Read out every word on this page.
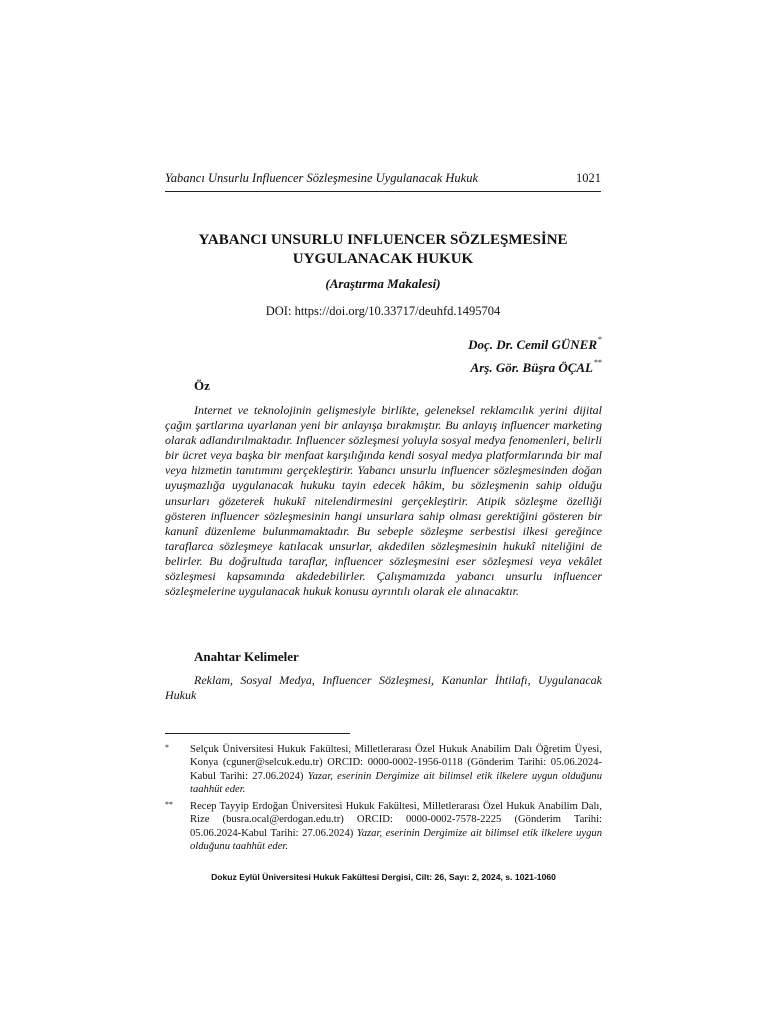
Yabancı Unsurlu Influencer Sözleşmesine Uygulanacak Hukuk	1021
YABANCI UNSURLU INFLUENCER SÖZLEŞMESİNE
UYGULANACAK HUKUK
(Araştırma Makalesi)
DOI: https://doi.org/10.33717/deuhfd.1495704
Doç. Dr. Cemil GÜNER*
Arş. Gör. Büşra ÖÇAL**
Öz

Internet ve teknolojinin gelişmesiyle birlikte, geleneksel reklamcılık yerini dijital çağın şartlarına uyarlanan yeni bir anlayışa bırakmıştır. Bu anlayış influencer marketing olarak adlandırılmaktadır. Influencer sözleşmesi yoluyla sosyal medya fenomenleri, belirli bir ücret veya başka bir menfaat karşılığında kendi sosyal medya platformlarında bir mal veya hizmetin tanıtımını gerçekleştirir. Yabancı unsurlu influencer sözleşmesinden doğan uyuşmazlığa uygulanacak hukuku tayin edecek hâkim, bu sözleşmenin sahip olduğu unsurları gözeterek hukukî nitelendirmesini gerçekleştirir. Atipik sözleşme özelliği gösteren influencer sözleşmesinin hangi unsurlara sahip olması gerektiğini gösteren bir kanunî düzenleme bulunmamaktadır. Bu sebeple sözleşme serbestisi ilkesi gereğince taraflarca sözleşmeye katılacak unsurlar, akdedilen sözleşmesinin hukukî niteliğini de belirler. Bu doğrultuda taraflar, influencer sözleşmesini eser sözleşmesi veya vekâlet sözleşmesi kapsamında akdedebilirler. Çalışmamızda yabancı unsurlu influencer sözleşmelerine uygulanacak hukuk konusu ayrıntılı olarak ele alınacaktır.

Anahtar Kelimeler

Reklam, Sosyal Medya, Influencer Sözleşmesi, Kanunlar İhtilafı, Uygulanacak Hukuk

* Selçuk Üniversitesi Hukuk Fakültesi, Milletlerarası Özel Hukuk Anabilim Dalı Öğretim Üyesi, Konya (cguner@selcuk.edu.tr) ORCID: 0000-0002-1956-0118 (Gönderim Tarihi: 05.06.2024-Kabul Tarihi: 27.06.2024) Yazar, eserinin Dergimize ait bilimsel etik ilkelere uygun olduğunu taahhüt eder.
** Recep Tayyip Erdoğan Üniversitesi Hukuk Fakültesi, Milletlerarası Özel Hukuk Anabilim Dalı, Rize (busra.ocal@erdogan.edu.tr) ORCID: 0000-0002-7578-2225 (Gönderim Tarihi: 05.06.2024-Kabul Tarihi: 27.06.2024) Yazar, eserinin Dergimize ait bilimsel etik ilkelere uygun olduğunu taahhüt eder.
Dokuz Eylül Üniversitesi Hukuk Fakültesi Dergisi, Cilt: 26, Sayı: 2, 2024, s. 1021-1060
